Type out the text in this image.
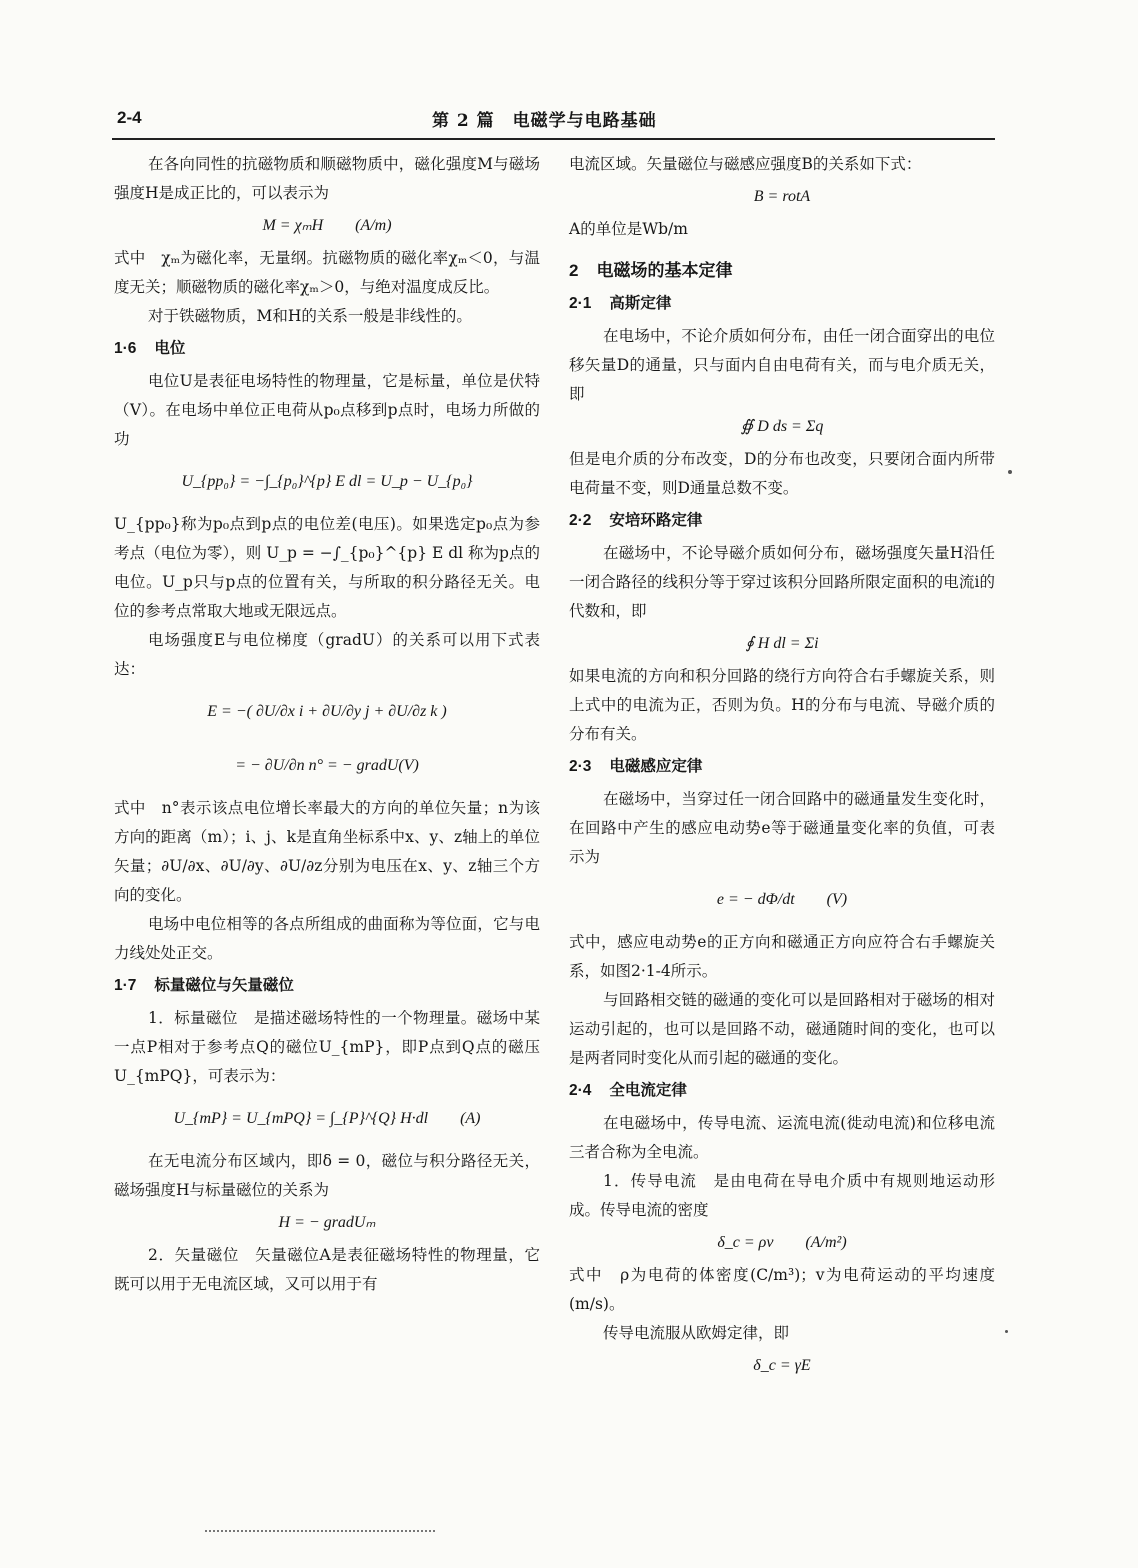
2-4	第 2 篇　电磁学与电路基础

在各向同性的抗磁物质和顺磁物质中，磁化强度M与磁场强度H是成正比的，可以表示为

M = χₘH　　(A/m)

式中　χₘ为磁化率，无量纲。抗磁物质的磁化率χₘ＜0，与温度无关；顺磁物质的磁化率χₘ＞0，与绝对温度成反比。

对于铁磁物质，M和H的关系一般是非线性的。

1·6 电位

电位U是表征电场特性的物理量，它是标量，单位是伏特（V）。在电场中单位正电荷从p₀点移到p点时，电场力所做的功

U_{pp₀} = −∫_{p₀}^{p} E dl = U_p − U_{p₀}

U_{pp₀}称为p₀点到p点的电位差(电压)。如果选定p₀点为参考点（电位为零），则 U_p = −∫_{p₀}^{p} E dl 称为p点的电位。U_p只与p点的位置有关，与所取的积分路径无关。电位的参考点常取大地或无限远点。

电场强度E与电位梯度（gradU）的关系可以用下式表达：

E = −( ∂U/∂x i + ∂U/∂y j + ∂U/∂z k )
= − ∂U/∂n n° = − gradU(V)

式中　n°表示该点电位增长率最大的方向的单位矢量；n为该方向的距离（m）；i、j、k是直角坐标系中x、y、z轴上的单位矢量；∂U/∂x、∂U/∂y、∂U/∂z分别为电压在x、y、z轴三个方向的变化。

电场中电位相等的各点所组成的曲面称为等位面，它与电力线处处正交。

1·7 标量磁位与矢量磁位

1．标量磁位　是描述磁场特性的一个物理量。磁场中某一点P相对于参考点Q的磁位U_{mP}，即P点到Q点的磁压U_{mPQ}，可表示为：

U_{mP} = U_{mPQ} = ∫_{P}^{Q} H·dl　　(A)

在无电流分布区域内，即δ = 0，磁位与积分路径无关，磁场强度H与标量磁位的关系为

H = − gradUₘ

2．矢量磁位　矢量磁位A是表征磁场特性的物理量，它既可以用于无电流区域，又可以用于有

电流区域。矢量磁位与磁感应强度B的关系如下式：

B = rotA

A的单位是Wb/m

2 电磁场的基本定律
2·1 高斯定律

在电场中，不论介质如何分布，由任一闭合面穿出的电位移矢量D的通量，只与面内自由电荷有关，而与电介质无关，即

∯ D ds = Σq

但是电介质的分布改变，D的分布也改变，只要闭合面内所带电荷量不变，则D通量总数不变。

2·2 安培环路定律

在磁场中，不论导磁介质如何分布，磁场强度矢量H沿任一闭合路径的线积分等于穿过该积分回路所限定面积的电流i的代数和，即

∮ H dl = Σi

如果电流的方向和积分回路的绕行方向符合右手螺旋关系，则上式中的电流为正，否则为负。H的分布与电流、导磁介质的分布有关。

2·3 电磁感应定律

在磁场中，当穿过任一闭合回路中的磁通量发生变化时，在回路中产生的感应电动势e等于磁通量变化率的负值，可表示为

e = − dΦ/dt　　(V)

式中，感应电动势e的正方向和磁通正方向应符合右手螺旋关系，如图2·1-4所示。

与回路相交链的磁通的变化可以是回路相对于磁场的相对运动引起的，也可以是回路不动，磁通随时间的变化，也可以是两者同时变化从而引起的磁通的变化。

2·4 全电流定律

在电磁场中，传导电流、运流电流(徙动电流)和位移电流三者合称为全电流。

1．传导电流　是由电荷在导电介质中有规则地运动形成。传导电流的密度

δ_c = ρv　　(A/m²)

式中　ρ为电荷的体密度(C/m³)；v为电荷运动的平均速度(m/s)。

传导电流服从欧姆定律，即

δ_c = γE
